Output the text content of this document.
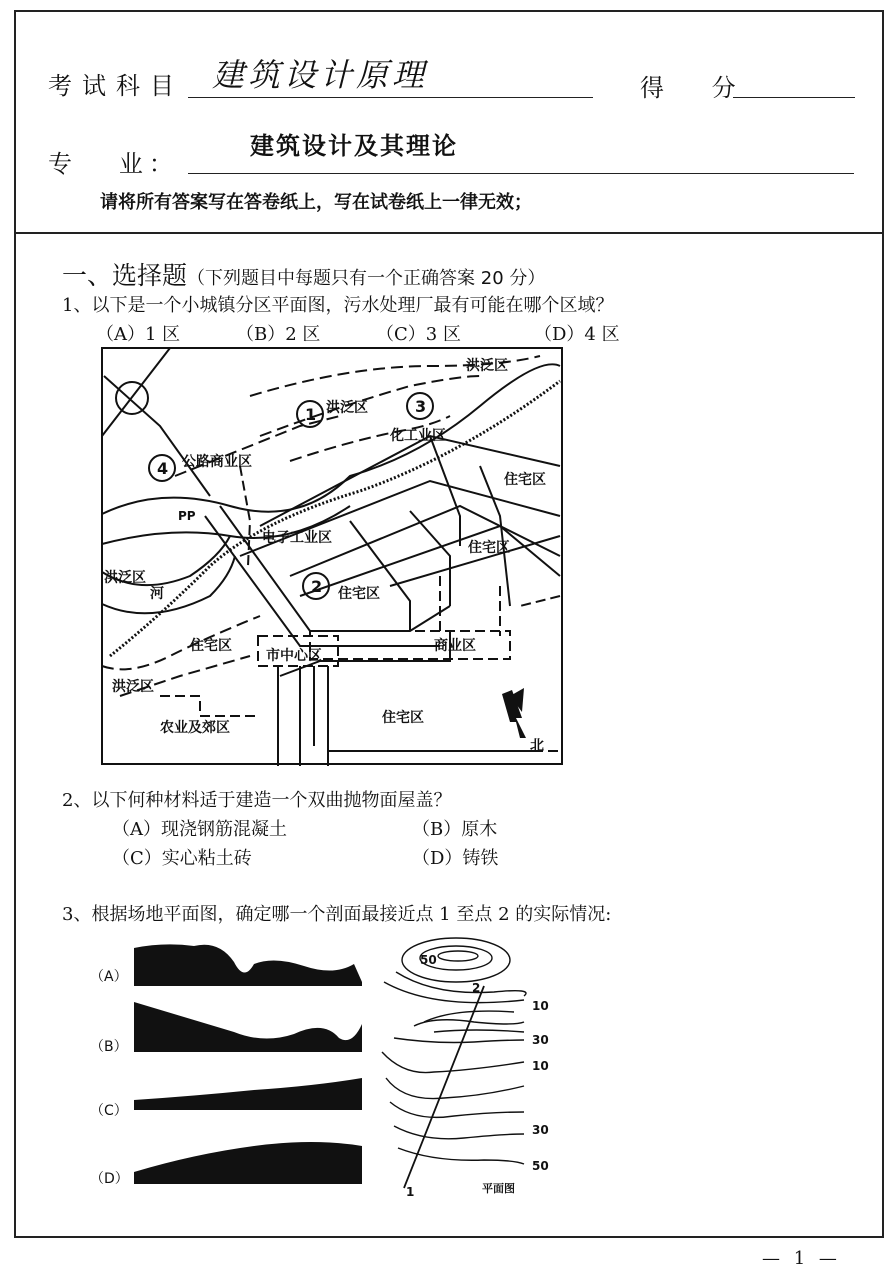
考试科目 建筑设计原理	得 分
专   业：
建筑设计及其理论
请将所有答案写在答卷纸上，写在试卷纸上一律无效；
一、选择题（下列题目中每题只有一个正确答案 20 分）
1、以下是一个小城镇分区平面图，污水处理厂最有可能在哪个区域？
（A）1 区	（B）2 区	（C）3 区	（D）4 区
洪泛区
1 洪泛区	3
化工业区
4 公路商业区
住宅区
PP
电子工业区
住宅区
洪泛区
河	2 住宅区
住宅区	商业区
市中心区
洪泛区
住宅区
农业及郊区
北
2、以下何种材料适于建造一个双曲抛物面屋盖？
（A）现浇钢筋混凝土	（B）原木
（C）实心粘土砖	（D）铸铁
3、根据场地平面图，确定哪一个剖面最接近点 1 至点 2 的实际情况:
（A）
（B）
（C）
（D）
50
2
10
30
10
30
50
1	平面图
— 1 —
